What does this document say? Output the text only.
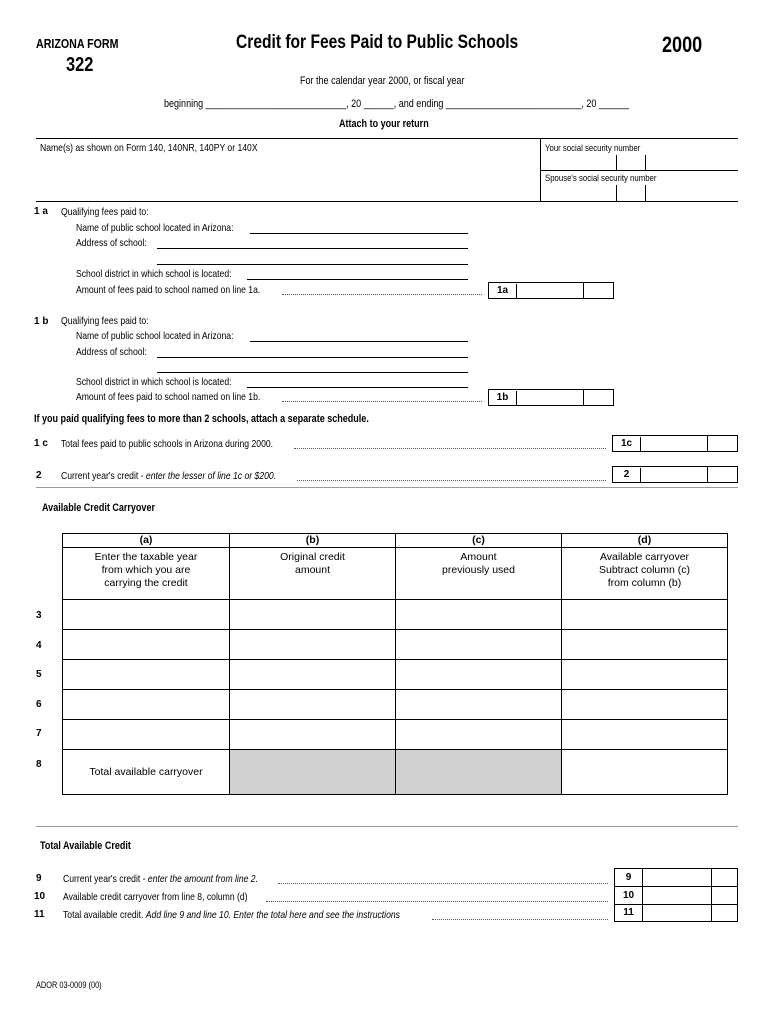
ARIZONA FORM
322
Credit for Fees Paid to Public Schools	2000
For the calendar year 2000, or fiscal year
beginning ____________________________, 20 ______, and ending ___________________________, 20 ______
Attach to your return
Name(s) as shown on Form 140, 140NR, 140PY or 140X	Your social security number
Spouse's social security number
1 a Qualifying fees paid to:
Name of public school located in Arizona:
Address of school:
School district in which school is located:
Amount of fees paid to school named on line 1a.	1a
1 b Qualifying fees paid to:
Name of public school located in Arizona:
Address of school:
School district in which school is located:
Amount of fees paid to school named on line 1b.	1b
If you paid qualifying fees to more than 2 schools, attach a separate schedule.
1 c Total fees paid to public schools in Arizona during 2000.	1c
2 Current year's credit - enter the lesser of line 1c or $200.	2
Available Credit Carryover
(a)	(b)	(c)	(d)

Enter the taxable year from which you are carrying the credit	Original credit amount	Amount previously used	Available carryover Subtract column (c) from column (b)

Total available carryover			
3
4
5
6
7
8
Total Available Credit
9 Current year's credit - enter the amount from line 2.
10 Available credit carryover from line 8, column (d)
11 Total available credit. Add line 9 and line 10. Enter the total here and see the instructions
9
10
11
ADOR 03-0009 (00)
